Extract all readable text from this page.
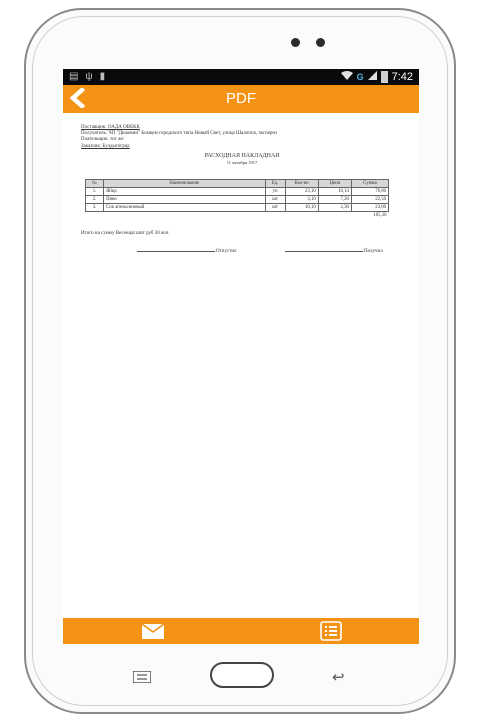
▤ ψ ▮	G	7:42
PDF
Поставщик: ОАДА ОВЕКК
Получатель: ЧП "Дюкевин" Бомцем городского типа Новый Свет, улица Шалоппа, экспериз
Плательщик: тот же
Заказчик: Булдыгоград
РАСХОДНАЯ НАКЛАДНАЯ
11 октября 1917
№	Наименование	Ед.	Кол-во	Цена	Сумма
1.	Яйцо	уп	23,10	10,14	76,80
2.	Пиво	шт	3,10	7,20	22,50
3.	Сок апельсиновый	шт	10,10	2,30	23,00
					105,30
Итого на сумму Весенцаt шит руб 30 коп.
Отпустил	Получил
↩
